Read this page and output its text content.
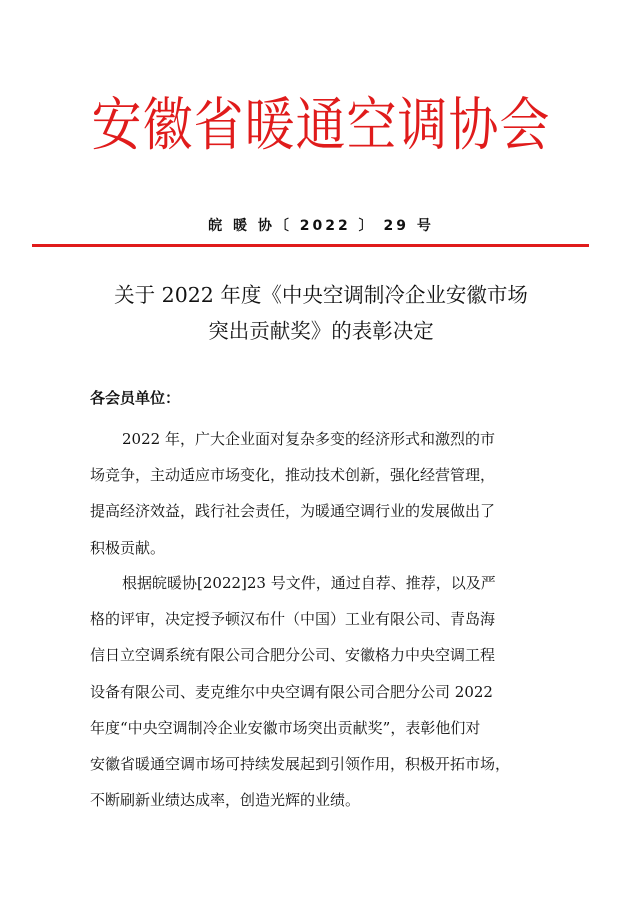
安徽省暖通空调协会
皖 暖 协〔 2022 〕 29 号
关于 2022 年度《中央空调制冷企业安徽市场
突出贡献奖》的表彰决定
各会员单位：
2022 年，广大企业面对复杂多变的经济形式和激烈的市
场竞争，主动适应市场变化，推动技术创新，强化经营管理，
提高经济效益，践行社会责任，为暖通空调行业的发展做出了
积极贡献。
根据皖暖协[2022]23 号文件，通过自荐、推荐，以及严
格的评审，决定授予顿汉布什（中国）工业有限公司、青岛海
信日立空调系统有限公司合肥分公司、安徽格力中央空调工程
设备有限公司、麦克维尔中央空调有限公司合肥分公司 2022
年度“中央空调制冷企业安徽市场突出贡献奖”，表彰他们对
安徽省暖通空调市场可持续发展起到引领作用，积极开拓市场，
不断刷新业绩达成率，创造光辉的业绩。
